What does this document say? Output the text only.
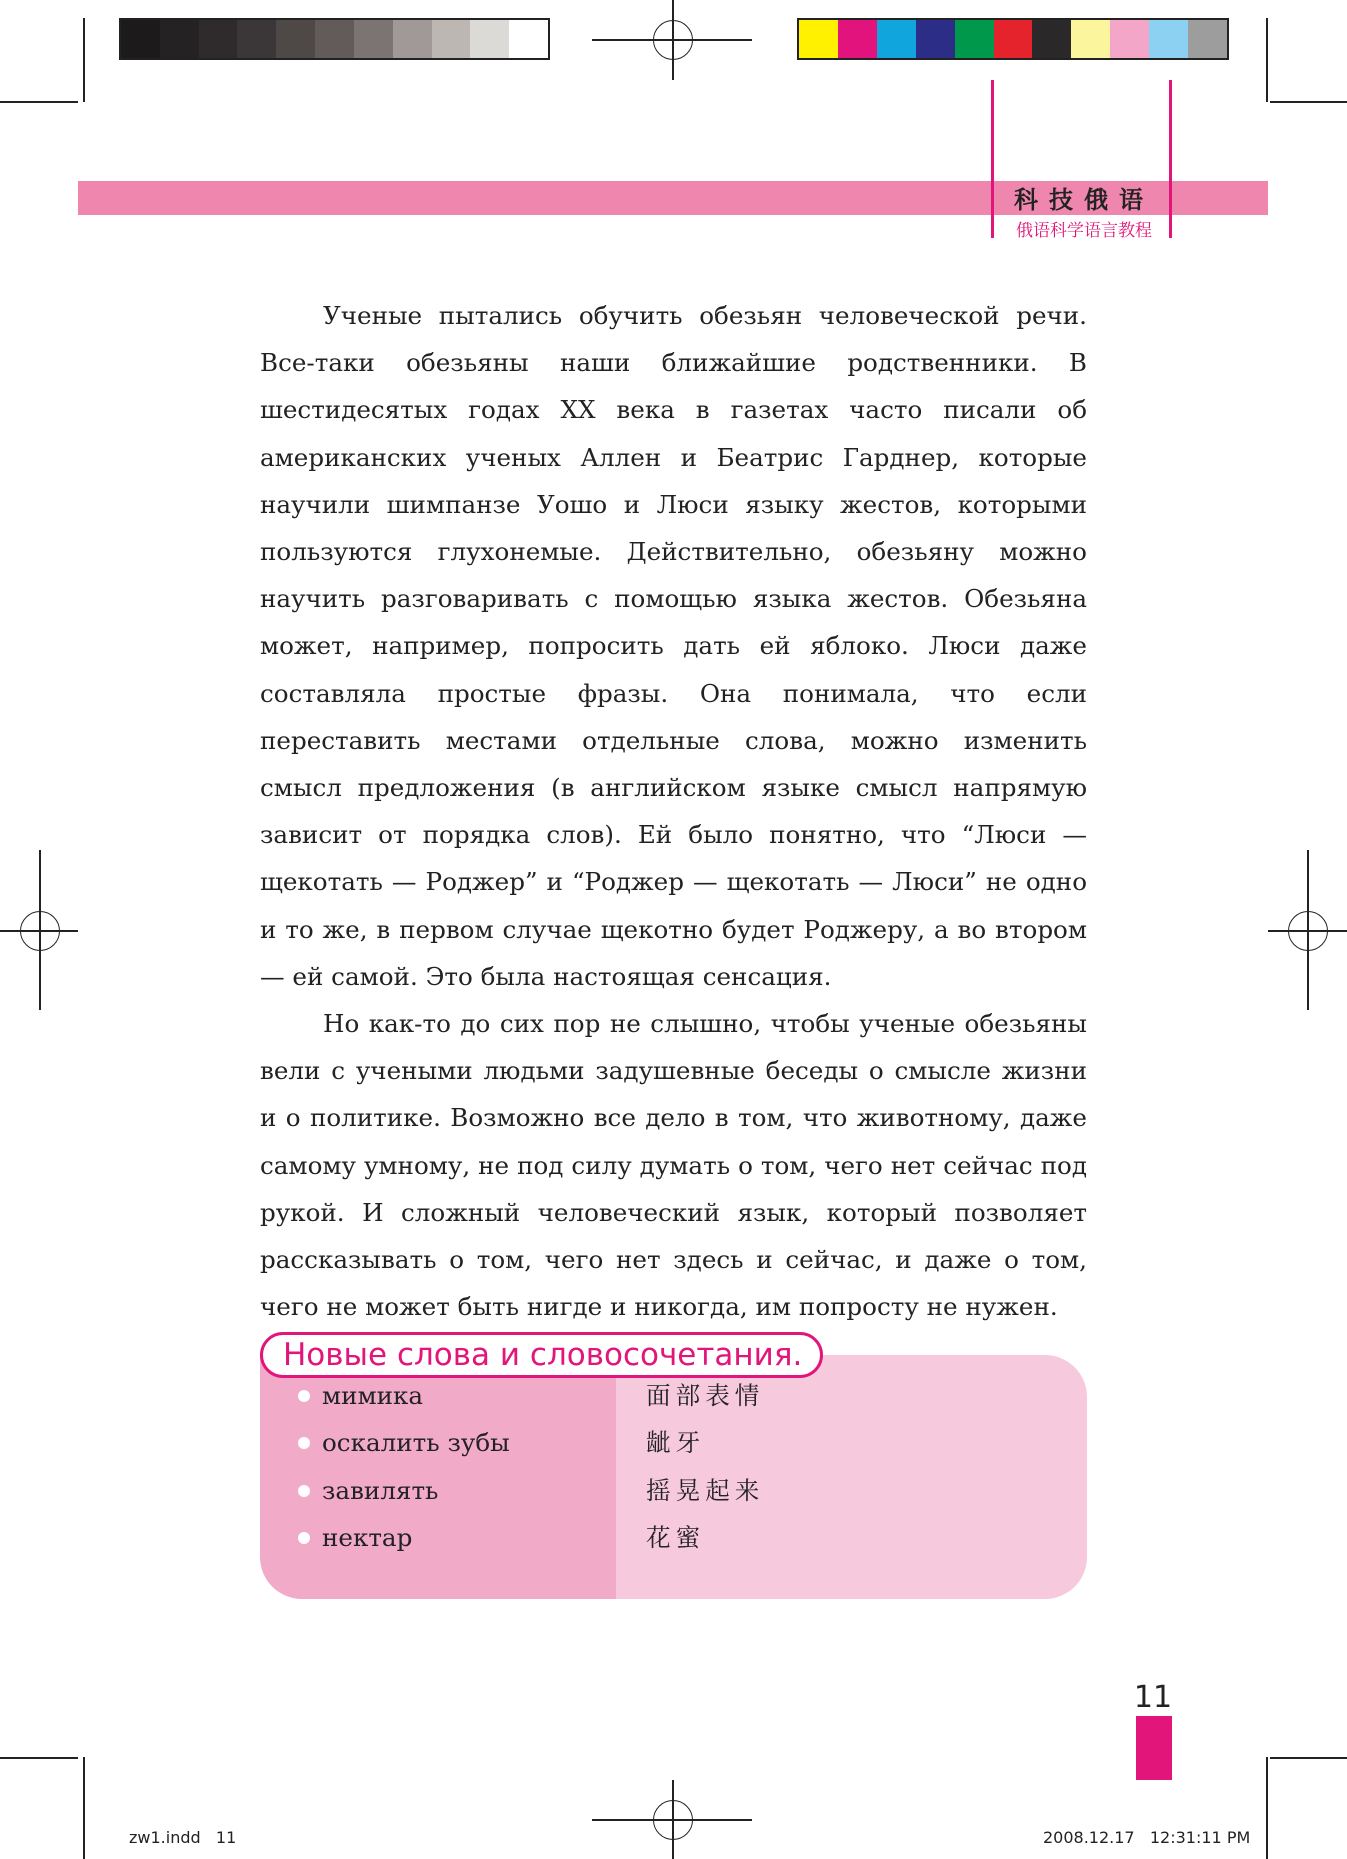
科技俄语
俄语科学语言教程

Ученые пытались обучить обезьян человеческой речи. Все-таки обезьяны наши ближайшие родственники. В шестидесятых годах XX века в газетах часто писали об американских ученых Аллен и Беатрис Гарднер, которые научили шимпанзе Уошо и Люси языку жестов, которыми пользуются глухонемые. Действительно, обезьяну можно научить разговаривать с помощью языка жестов. Обезьяна может, например, попросить дать ей яблоко. Люси даже составляла простые фразы. Она понимала, что если переставить местами отдельные слова, можно изменить смысл предложения (в английском языке смысл напрямую зависит от порядка слов). Ей было понятно, что “Люси — щекотать — Роджер” и “Роджер — щекотать — Люси” не одно и то же, в первом случае щекотно будет Роджеру, а во втором — ей самой. Это была настоящая сенсация.

Но как-то до сих пор не слышно, чтобы ученые обезьяны вели с учеными людьми задушевные беседы о смысле жизни и о политике. Возможно все дело в том, что животному, даже самому умному, не под силу думать о том, чего нет сейчас под рукой. И сложный человеческий язык, который позволяет рассказывать о том, чего нет здесь и сейчас, и даже о том, чего не может быть нигде и никогда, им попросту не нужен.

мимика	面部表情
оскалить зубы	龇牙
завилять	摇晃起来
нектар	花蜜
Новые слова и словосочетания.
11
zw1.indd   11	2008.12.17   12:31:11 PM
